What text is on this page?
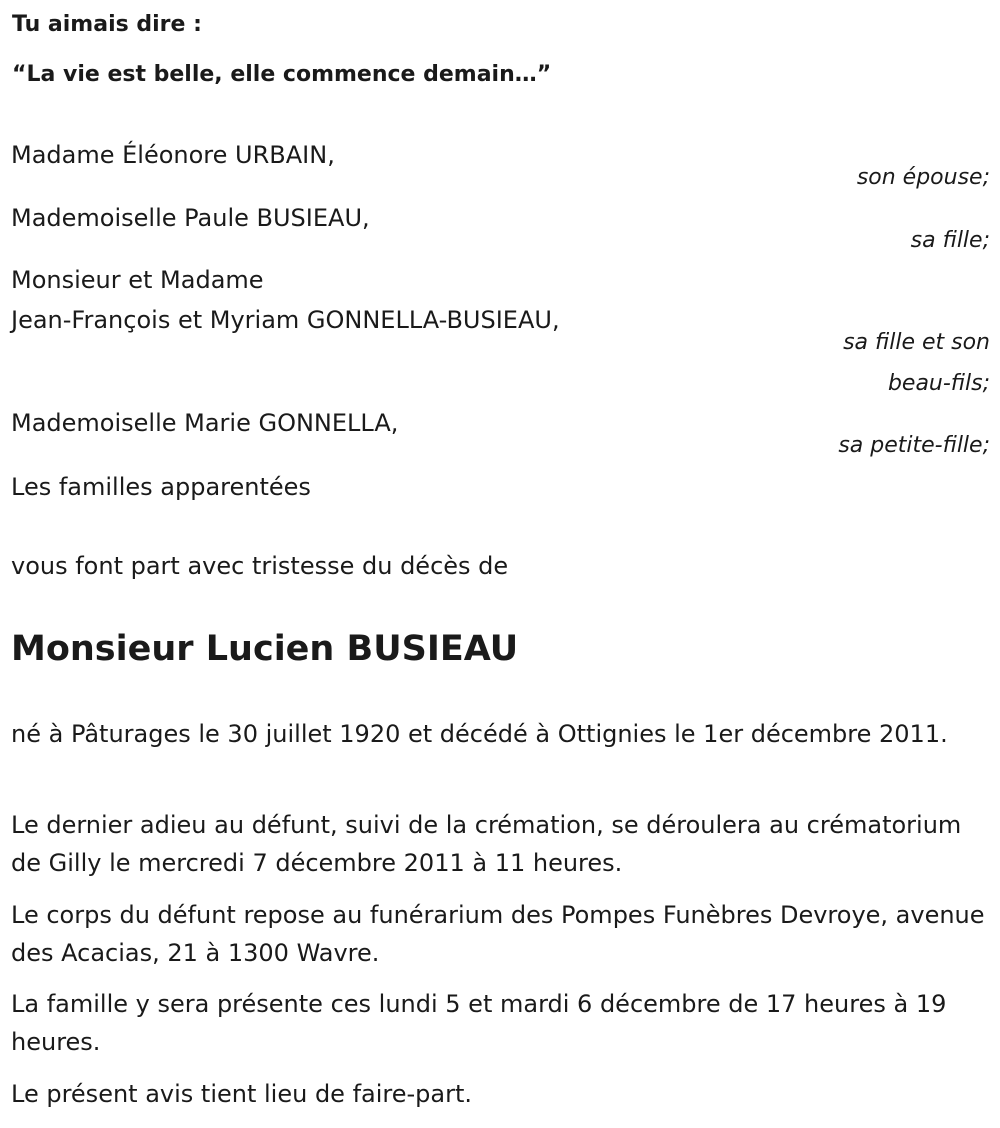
Tu aimais dire :
“La vie est belle, elle commence demain…”
Madame Éléonore URBAIN,
son épouse;
Mademoiselle Paule BUSIEAU,
sa fille;
Monsieur et Madame
Jean-François et Myriam GONNELLA-BUSIEAU,
sa fille et son
beau-fils;
Mademoiselle Marie GONNELLA,
sa petite-fille;
Les familles apparentées
vous font part avec tristesse du décès de
Monsieur Lucien BUSIEAU
né à Pâturages le 30 juillet 1920 et décédé à Ottignies le 1er décembre 2011.
Le dernier adieu au défunt, suivi de la crémation, se déroulera au crématorium de Gilly le mercredi 7 décembre 2011 à 11 heures.
Le corps du défunt repose au funérarium des Pompes Funèbres Devroye, avenue des Acacias, 21 à 1300 Wavre.
La famille y sera présente ces lundi 5 et mardi 6 décembre de 17 heures à 19 heures.
Le présent avis tient lieu de faire-part.
